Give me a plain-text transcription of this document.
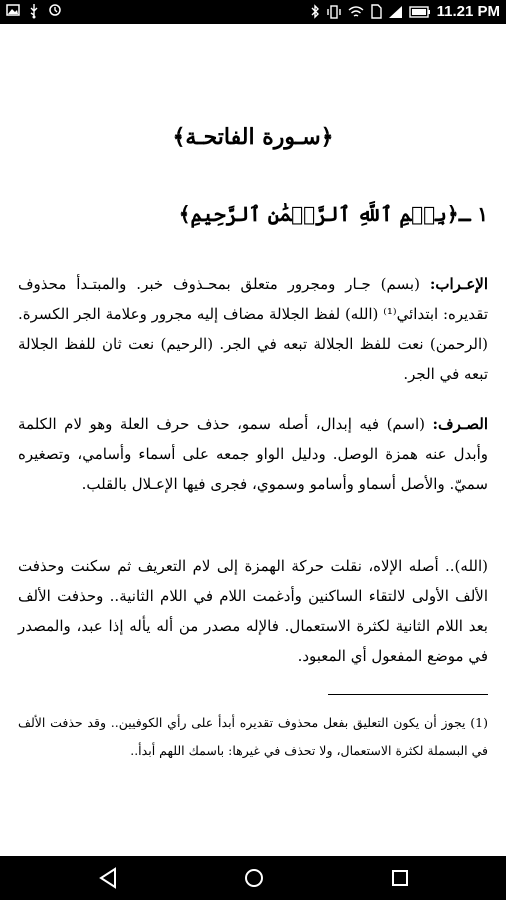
11.21 PM
﴿سـورة الفاتحـة﴾
١ ـ﴿بِسۡمِ ٱللَّهِ ٱلرَّحۡمَٰنِ ٱلرَّحِيمِ﴾

الإعـراب: (بسم) جـار ومجرور متعلق بمحـذوف خبر. والمبتـدأ محذوف تقديره: ابتدائي⁽¹⁾ (الله) لفظ الجلالة مضاف إليه مجرور وعلامة الجر الكسرة. (الرحمن) نعت للفظ الجلالة تبعه في الجر. (الرحيم) نعت ثان للفظ الجلالة تبعه في الجر.

الصـرف: (اسم) فيه إبدال، أصله سمو، حذف حرف العلة وهو لام الكلمة وأبدل عنه همزة الوصل. ودليل الواو جمعه على أسماء وأسامي، وتصغيره سميّ. والأصل أسماو وأسامو وسموي، فجرى فيها الإعـلال بالقلب.

(الله).. أصله الإلاه، نقلت حركة الهمزة إلى لام التعريف ثم سكنت وحذفت الألف الأولى لالتقاء الساكنين وأدغمت اللام في اللام الثانية.. وحذفت الألف بعد اللام الثانية لكثرة الاستعمال. فالإله مصدر من أله يأله إذا عبد، والمصدر في موضع المفعول أي المعبود.

(1) يجوز أن يكون التعليق بفعل محذوف تقديره أبدأ على رأي الكوفيين.. وقد حذفت الألف في البسملة لكثرة الاستعمال، ولا تحذف في غيرها: باسمك اللهم أبدأ..
